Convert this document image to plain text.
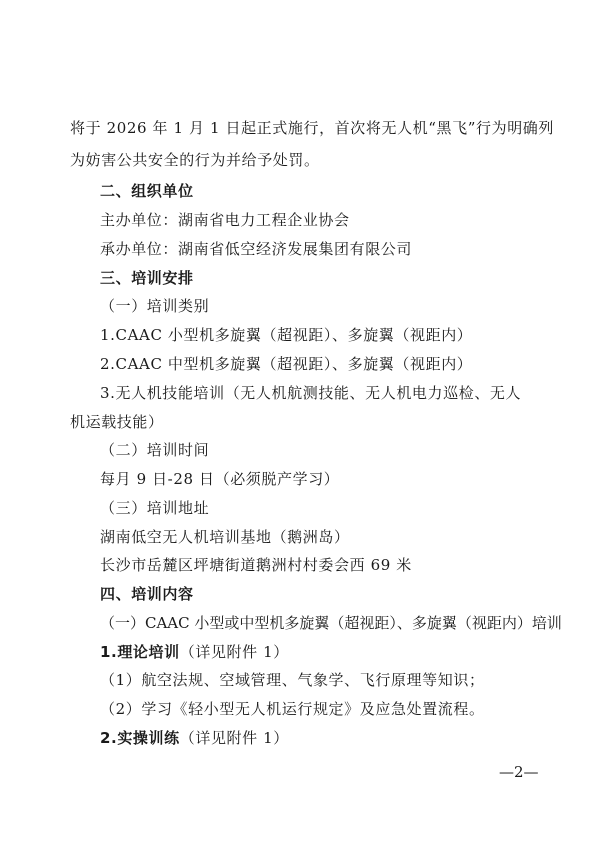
将于 2026 年 1 月 1 日起正式施行，首次将无人机“黑飞”行为明确列
为妨害公共安全的行为并给予处罚。
二、组织单位
主办单位：湖南省电力工程企业协会
承办单位：湖南省低空经济发展集团有限公司
三、培训安排
（一）培训类别
1.CAAC 小型机多旋翼（超视距）、多旋翼（视距内）
2.CAAC 中型机多旋翼（超视距）、多旋翼（视距内）
3.无人机技能培训（无人机航测技能、无人机电力巡检、无人
机运载技能）
（二）培训时间
每月 9 日-28 日（必须脱产学习）
（三）培训地址
湖南低空无人机培训基地（鹅洲岛）
长沙市岳麓区坪塘街道鹅洲村村委会西 69 米
四、培训内容
（一）CAAC 小型或中型机多旋翼（超视距）、多旋翼（视距内）培训
1.理论培训（详见附件 1）
（1）航空法规、空域管理、气象学、飞行原理等知识；
（2）学习《轻小型无人机运行规定》及应急处置流程。
2.实操训练（详见附件 1）
—2—
